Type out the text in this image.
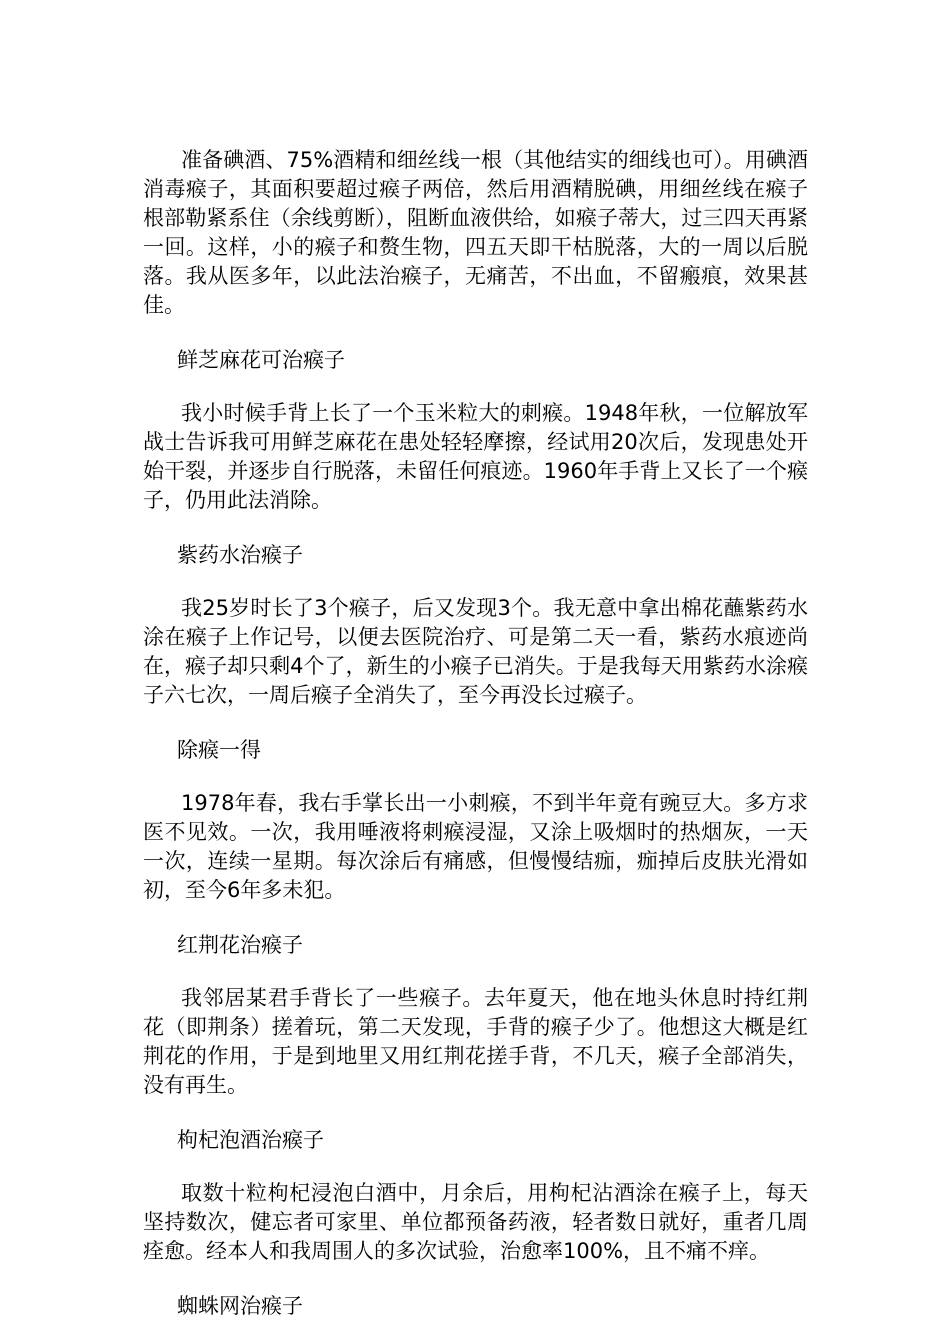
准备碘酒、75%酒精和细丝线一根（其他结实的细线也可）。用碘酒消毒瘊子，其面积要超过瘊子两倍，然后用酒精脱碘，用细丝线在瘊子根部勒紧系住（余线剪断），阻断血液供给，如瘊子蒂大，过三四天再紧一回。这样，小的瘊子和赘生物，四五天即干枯脱落，大的一周以后脱落。我从医多年，以此法治瘊子，无痛苦，不出血，不留瘢痕，效果甚佳。

鲜芝麻花可治瘊子

我小时候手背上长了一个玉米粒大的刺瘊。1948年秋，一位解放军战士告诉我可用鲜芝麻花在患处轻轻摩擦，经试用20次后，发现患处开始干裂，并逐步自行脱落，未留任何痕迹。1960年手背上又长了一个瘊子，仍用此法消除。

紫药水治瘊子

我25岁时长了3个瘊子，后又发现3个。我无意中拿出棉花蘸紫药水涂在瘊子上作记号，以便去医院治疗、可是第二天一看，紫药水痕迹尚在，瘊子却只剩4个了，新生的小瘊子已消失。于是我每天用紫药水涂瘊子六七次，一周后瘊子全消失了，至今再没长过瘊子。

除瘊一得

1978年春，我右手掌长出一小刺瘊，不到半年竟有豌豆大。多方求医不见效。一次，我用唾液将刺瘊浸湿，又涂上吸烟时的热烟灰，一天一次，连续一星期。每次涂后有痛感，但慢慢结痂，痂掉后皮肤光滑如初，至今6年多未犯。

红荆花治瘊子

我邻居某君手背长了一些瘊子。去年夏天，他在地头休息时持红荆花（即荆条）搓着玩，第二天发现，手背的瘊子少了。他想这大概是红荆花的作用，于是到地里又用红荆花搓手背，不几天，瘊子全部消失，没有再生。

枸杞泡酒治瘊子

取数十粒枸杞浸泡白酒中，月余后，用枸杞沾酒涂在瘊子上，每天坚持数次，健忘者可家里、单位都预备药液，轻者数日就好，重者几周痊愈。经本人和我周围人的多次试验，治愈率100%，且不痛不痒。

蜘蛛网治瘊子
